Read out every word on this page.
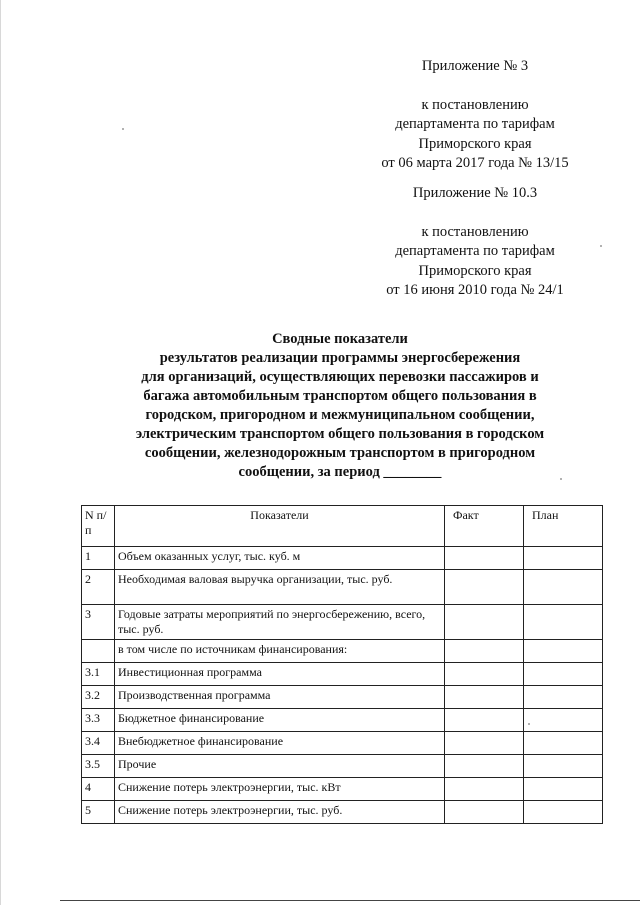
Приложение № 3
к постановлению
департамента по тарифам
Приморского края
от 06 марта 2017 года № 13/15
Приложение № 10.3
к постановлению
департамента по тарифам
Приморского края
от 16 июня 2010 года № 24/1
Сводные показатели
результатов реализации программы энергосбережения
для организаций, осуществляющих перевозки пассажиров и
багажа автомобильным транспортом общего пользования в
городском, пригородном и межмуниципальном сообщении,
электрическим транспортом общего пользования в городском
сообщении, железнодорожным транспортом в пригородном
сообщении, за период ________
N п/п	Показатели	Факт	План
1	Объем оказанных услуг, тыс. куб. м		
2	Необходимая валовая выручка организации, тыс. руб.		
3	Годовые затраты мероприятий по энергосбережению, всего, тыс. руб.		
	в том числе по источникам финансирования:		
3.1	Инвестиционная программа		
3.2	Производственная программа		
3.3	Бюджетное финансирование		
3.4	Внебюджетное финансирование		
3.5	Прочие		
4	Снижение потерь электроэнергии, тыс. кВт		
5	Снижение потерь электроэнергии, тыс. руб.		
